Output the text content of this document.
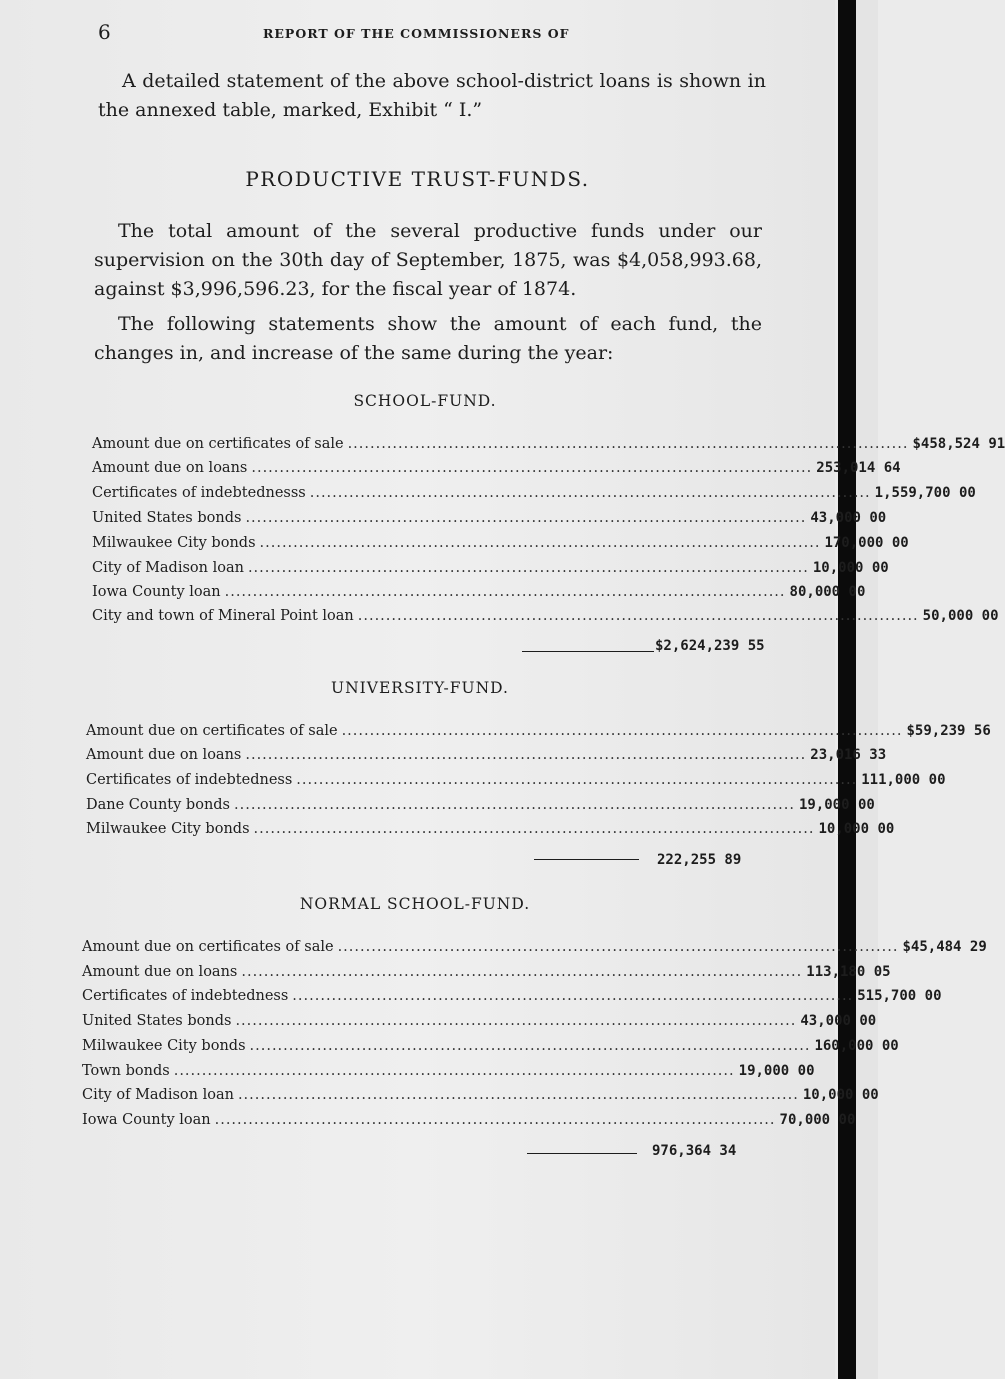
6	REPORT OF THE COMMISSIONERS OF

A detailed statement of the above school-district loans is shown in the annexed table, marked, Exhibit “ I.”

PRODUCTIVE TRUST-FUNDS.

The total amount of the several productive funds under our supervision on the 30th day of September, 1875, was $4,058,993.68, against $3,996,596.23, for the fiscal year of 1874.

The following statements show the amount of each fund, the changes in, and increase of the same during the year:

SCHOOL-FUND.
Amount due on certificates of sale .................................................................................................... $458,524 91
Amount due on loans .................................................................................................... 253,014 64
Certificates of indebtednesss .................................................................................................... 1,559,700 00
United States bonds .................................................................................................... 43,000 00
Milwaukee City bonds .................................................................................................... 170,000 00
City of Madison loan .................................................................................................... 10,000 00
Iowa County loan .................................................................................................... 80,000 00
City and town of Mineral Point loan .................................................................................................... 50,000 00
$2,624,239 55
UNIVERSITY-FUND.
Amount due on certificates of sale .................................................................................................... $59,239 56
Amount due on loans .................................................................................................... 23,016 33
Certificates of indebtedness .................................................................................................... 111,000 00
Dane County bonds .................................................................................................... 19,000 00
Milwaukee City bonds .................................................................................................... 10,000 00
222,255 89
NORMAL SCHOOL-FUND.
Amount due on certificates of sale .................................................................................................... $45,484 29
Amount due on loans .................................................................................................... 113,180 05
Certificates of indebtedness .................................................................................................... 515,700 00
United States bonds .................................................................................................... 43,000 00
Milwaukee City bonds .................................................................................................... 160,000 00
Town bonds .................................................................................................... 19,000 00
City of Madison loan .................................................................................................... 10,000 00
Iowa County loan .................................................................................................... 70,000 00
976,364 34
